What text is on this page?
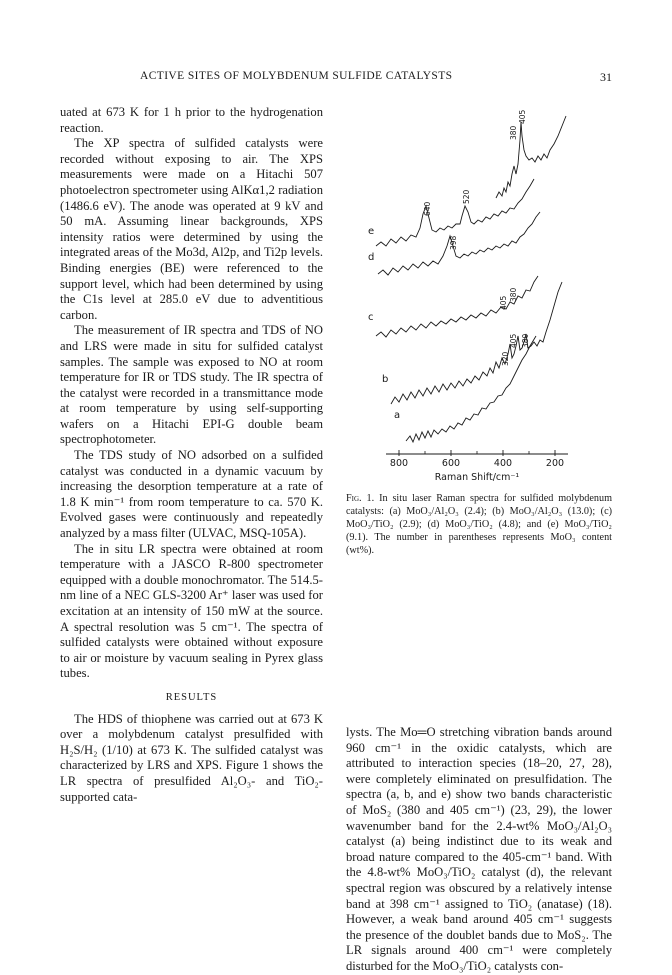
ACTIVE SITES OF MOLYBDENUM SULFIDE CATALYSTS	31

uated at 673 K for 1 h prior to the hydrogenation reaction.

The XP spectra of sulfided catalysts were recorded without exposing to air. The XPS measurements were made on a Hitachi 507 photoelectron spectrometer using AlKα1,2 radiation (1486.6 eV). The anode was operated at 9 kV and 50 mA. Assuming linear backgrounds, XPS intensity ratios were determined by using the integrated areas of the Mo3d, Al2p, and Ti2p levels. Binding energies (BE) were referenced to the support level, which had been determined by using the C1s level at 285.0 eV due to adventitious carbon.

The measurement of IR spectra and TDS of NO and LRS were made in situ for sulfided catalyst samples. The sample was exposed to NO at room temperature for IR or TDS study. The IR spectra of the catalyst were recorded in a transmittance mode at room temperature by using self-supporting wafers on a Hitachi EPI-G double beam spectrophotometer.

The TDS study of NO adsorbed on a sulfided catalyst was conducted in a dynamic vacuum by increasing the desorption temperature at a rate of 1.8 K min⁻¹ from room temperature to ca. 570 K. Evolved gases were continuously and repeatedly analyzed by a mass filter (ULVAC, MSQ-105A).

The in situ LR spectra were obtained at room temperature with a JASCO R-800 spectrometer equipped with a double monochromator. The 514.5-nm line of a NEC GLS-3200 Ar⁺ laser was used for excitation at an intensity of 150 mW at the source. A spectral resolution was 5 cm⁻¹. The spectra of sulfided catalysts were obtained without exposure to air or moisture by vacuum sealing in Pyrex glass tubes.

RESULTS

The HDS of thiophene was carried out at 673 K over a molybdenum catalyst presulfided with H₂S/H₂ (1/10) at 673 K. The sulfided catalyst was characterized by LRS and XPS. Figure 1 shows the LR spectra of presulfided Al₂O₃- and TiO₂-supported cata-

800	600	400	200
a
b
c
d
e
405
380
640
520
398
405
380
405 380
320
Raman Shift/cm⁻¹
Fig. 1. In situ laser Raman spectra for sulfided molybdenum catalysts: (a) MoO₃/Al₂O₃ (2.4); (b) MoO₃/Al₂O₃ (13.0); (c) MoO₃/TiO₂ (2.9); (d) MoO₃/TiO₂ (4.8); and (e) MoO₃/TiO₂ (9.1). The number in parentheses represents MoO₃ content (wt%).

lysts. The Mo═O stretching vibration bands around 960 cm⁻¹ in the oxidic catalysts, which are attributed to interaction species (18–20, 27, 28), were completely eliminated on presulfidation. The spectra (a, b, and e) show two bands characteristic of MoS₂ (380 and 405 cm⁻¹) (23, 29), the lower wavenumber band for the 2.4-wt% MoO₃/Al₂O₃ catalyst (a) being indistinct due to its weak and broad nature compared to the 405-cm⁻¹ band. With the 4.8-wt% MoO₃/TiO₂ catalyst (d), the relevant spectral region was obscured by a relatively intense band at 398 cm⁻¹ assigned to TiO₂ (anatase) (18). However, a weak band around 405 cm⁻¹ suggests the presence of the doublet bands due to MoS₂. The LR signals around 400 cm⁻¹ were completely disturbed for the MoO₃/TiO₂ catalysts con-
